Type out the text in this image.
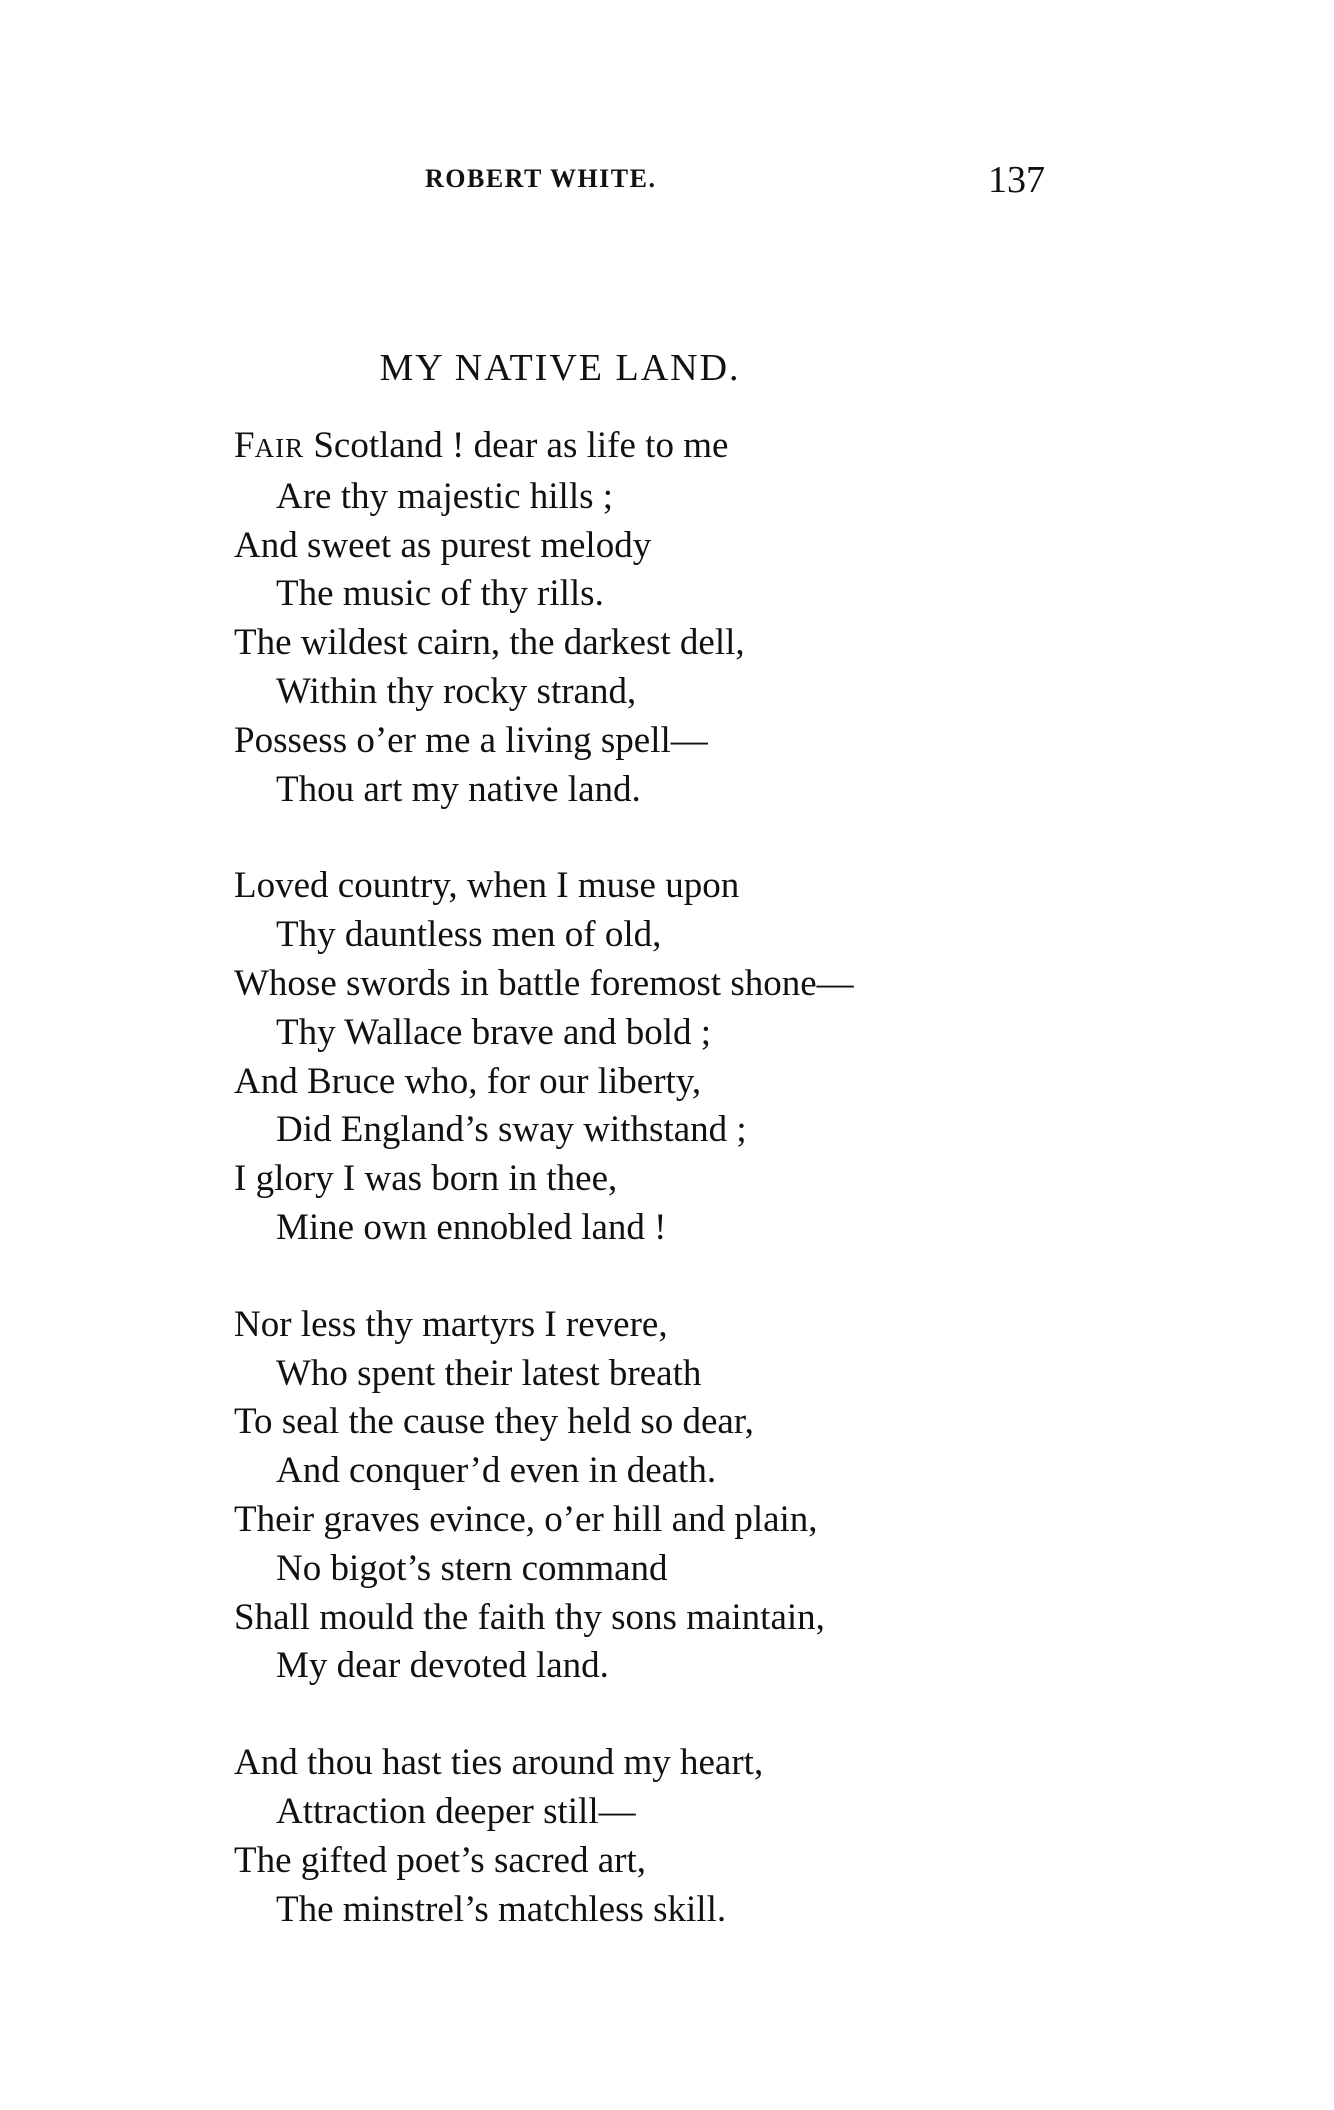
ROBERT WHITE.	137
MY NATIVE LAND.
FAIR Scotland ! dear as life to me
Are thy majestic hills ;
And sweet as purest melody
The music of thy rills.
The wildest cairn, the darkest dell,
Within thy rocky strand,
Possess o’er me a living spell—
Thou art my native land.
Loved country, when I muse upon
Thy dauntless men of old,
Whose swords in battle foremost shone—
Thy Wallace brave and bold ;
And Bruce who, for our liberty,
Did England’s sway withstand ;
I glory I was born in thee,
Mine own ennobled land !
Nor less thy martyrs I revere,
Who spent their latest breath
To seal the cause they held so dear,
And conquer’d even in death.
Their graves evince, o’er hill and plain,
No bigot’s stern command
Shall mould the faith thy sons maintain,
My dear devoted land.
And thou hast ties around my heart,
Attraction deeper still—
The gifted poet’s sacred art,
The minstrel’s matchless skill.
